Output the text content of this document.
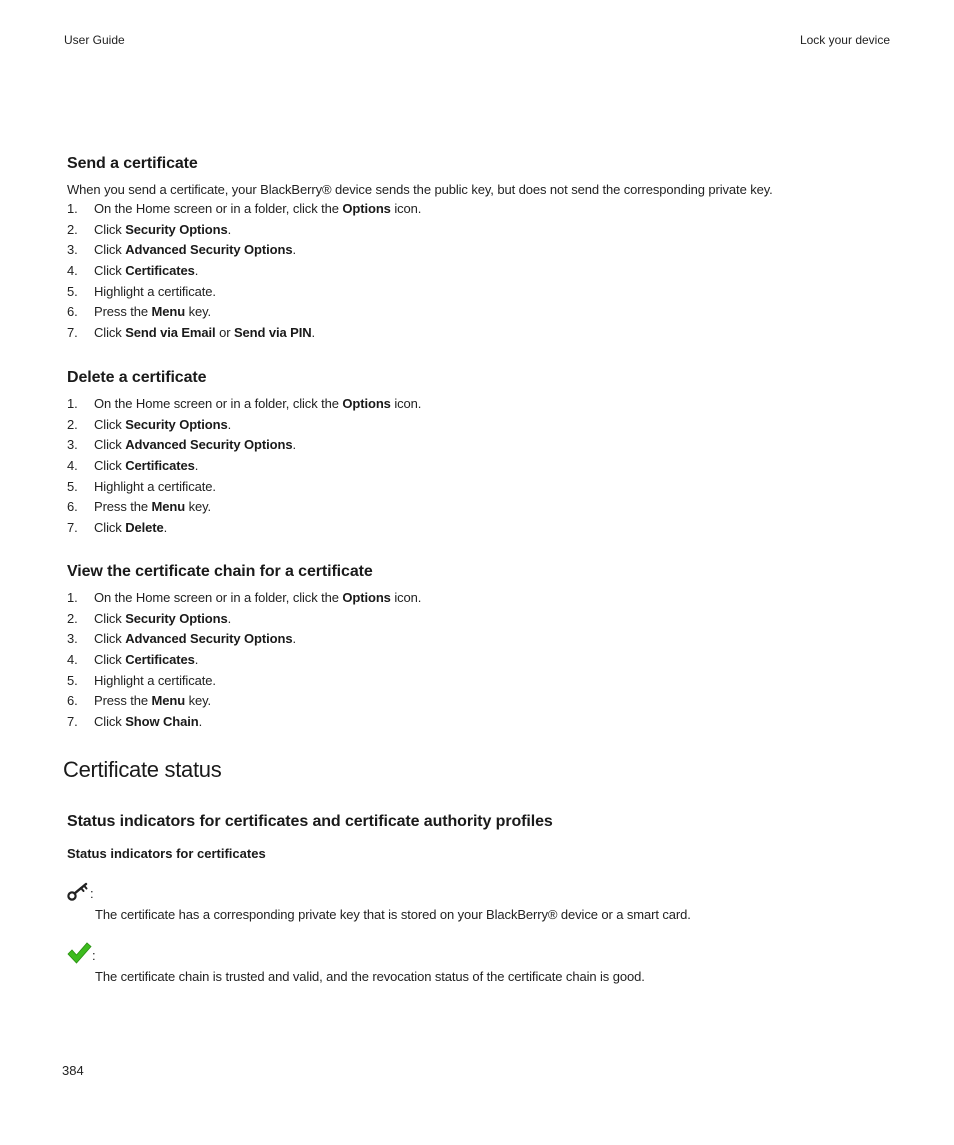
User Guide	Lock your device
Send a certificate
When you send a certificate, your BlackBerry® device sends the public key, but does not send the corresponding private key.
1. On the Home screen or in a folder, click the Options icon.
2. Click Security Options.
3. Click Advanced Security Options.
4. Click Certificates.
5. Highlight a certificate.
6. Press the Menu key.
7. Click Send via Email or Send via PIN.
Delete a certificate
1. On the Home screen or in a folder, click the Options icon.
2. Click Security Options.
3. Click Advanced Security Options.
4. Click Certificates.
5. Highlight a certificate.
6. Press the Menu key.
7. Click Delete.
View the certificate chain for a certificate
1. On the Home screen or in a folder, click the Options icon.
2. Click Security Options.
3. Click Advanced Security Options.
4. Click Certificates.
5. Highlight a certificate.
6. Press the Menu key.
7. Click Show Chain.
Certificate status
Status indicators for certificates and certificate authority profiles
Status indicators for certificates
:
The certificate has a corresponding private key that is stored on your BlackBerry® device or a smart card.
:
The certificate chain is trusted and valid, and the revocation status of the certificate chain is good.
384
